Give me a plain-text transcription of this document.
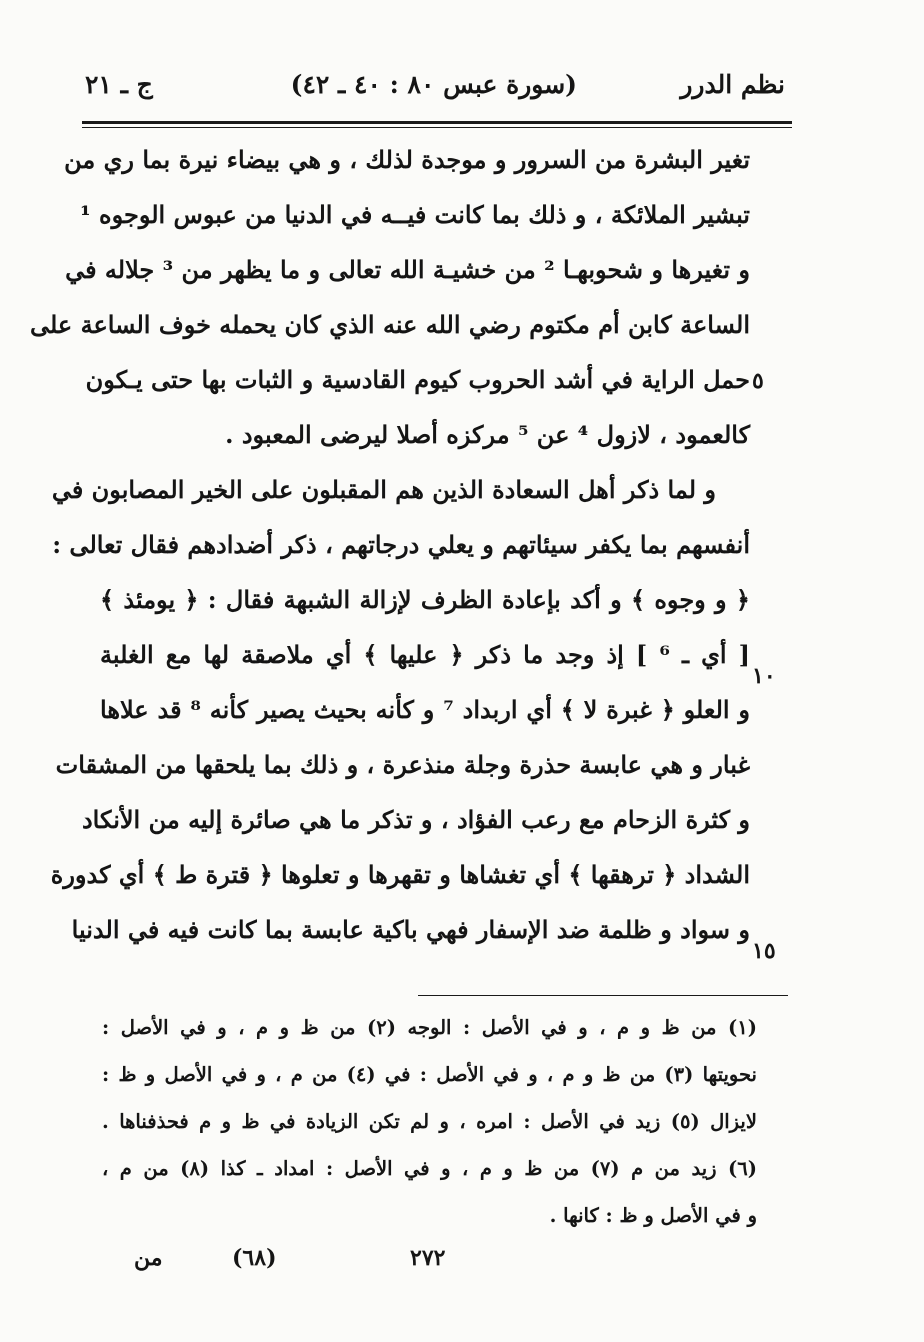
نظم الدرر
(سورة عبس ٨٠ : ٤٠ ـ ٤٢)
ج ـ ٢١
تغير البشرة من السرور و موجدة لذلك ، و هي بيضاء نيرة بما ري من
تبشير الملائكة ، و ذلك بما كانت فيــه في الدنيا من عبوس الوجوه ¹
و تغيرها و شحوبهـا ² من خشيـة الله تعالى و ما يظهر من ³ جلاله في
الساعة كابن أم مكتوم رضي الله عنه الذي كان يحمله خوف الساعة على
حمل الراية في أشد الحروب كيوم القادسية و الثبات بها حتى يـكون
كالعمود ، لازول ⁴ عن ⁵ مركزه أصلا ليرضى المعبود .
و لما ذكر أهل السعادة الذين هم المقبلون على الخير المصابون في
أنفسهم بما يكفر سيئاتهم و يعلي درجاتهم ، ذكر أضدادهم فقال تعالى :
﴿ و وجوه ﴾ و أكد بإعادة الظرف لإزالة الشبهة فقال : ﴿ يومئذ ﴾
[ أي ـ ⁶ ] إذ وجد ما ذكر ﴿ عليها ﴾ أي ملاصقة لها مع الغلبة
و العلو ﴿ غبرة لا ﴾ أي اربداد ⁷ و كأنه بحيث يصير كأنه ⁸ قد علاها
غبار و هي عابسة حذرة وجلة منذعرة ، و ذلك بما يلحقها من المشقات
و كثرة الزحام مع رعب الفؤاد ، و تذكر ما هي صائرة إليه من الأنكاد
الشداد ﴿ ترهقها ﴾ أي تغشاها و تقهرها و تعلوها ﴿ قترة ط ﴾ أي كدورة
و سواد و ظلمة ضد الإسفار فهي باكية عابسة بما كانت فيه في الدنيا
٥
١٠
١٥
(١) من ظ و م ، و في الأصل : الوجه (٢) من ظ و م ، و في الأصل :
نحويتها (٣) من ظ و م ، و في الأصل : في (٤) من م ، و في الأصل و ظ :
لايزال (٥) زيد في الأصل : امره ، و لم تكن الزيادة في ظ و م فحذفناها .
(٦) زيد من م (٧) من ظ و م ، و في الأصل : امداد ـ كذا (٨) من م ،
و في الأصل و ظ : كانها .
٢٧٢
(٦٨)
من
